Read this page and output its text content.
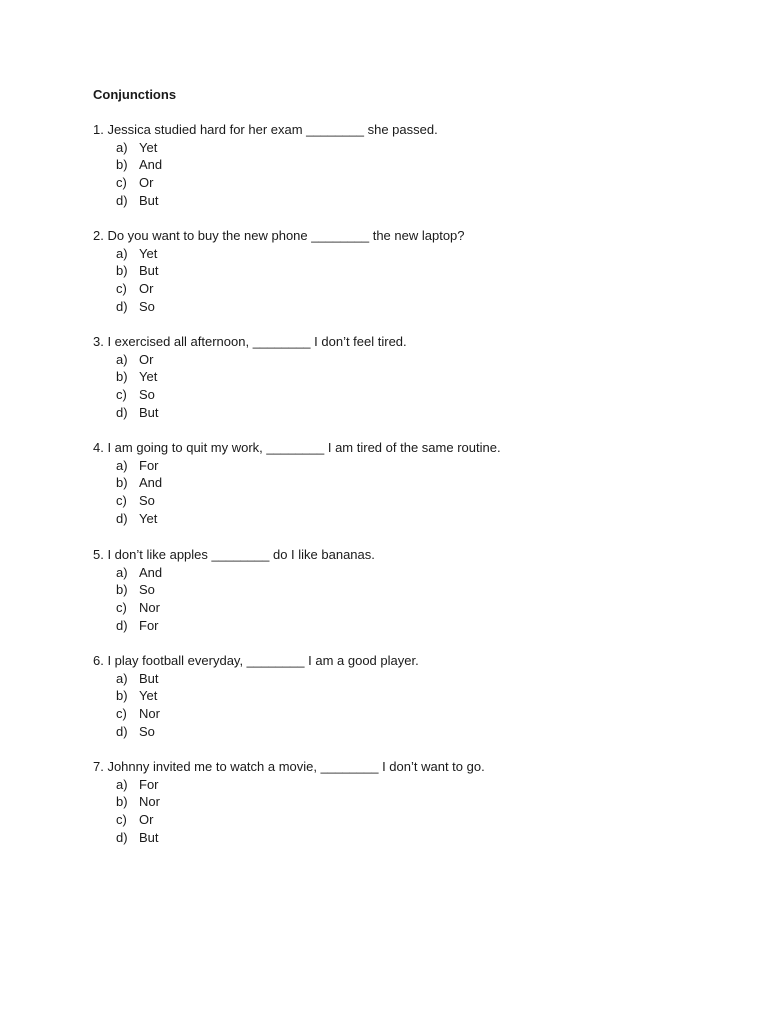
Conjunctions

1. Jessica studied hard for her exam ________ she passed.

a) Yet
b) And
c) Or
d) But

2. Do you want to buy the new phone ________ the new laptop?

a) Yet
b) But
c) Or
d) So

3. I exercised all afternoon, ________ I don’t feel tired.

a) Or
b) Yet
c) So
d) But

4. I am going to quit my work, ________ I am tired of the same routine.

a) For
b) And
c) So
d) Yet

5. I don’t like apples ________ do I like bananas.

a) And
b) So
c) Nor
d) For

6. I play football everyday, ________ I am a good player.

a) But
b) Yet
c) Nor
d) So

7. Johnny invited me to watch a movie, ________ I don’t want to go.

a) For
b) Nor
c) Or
d) But
